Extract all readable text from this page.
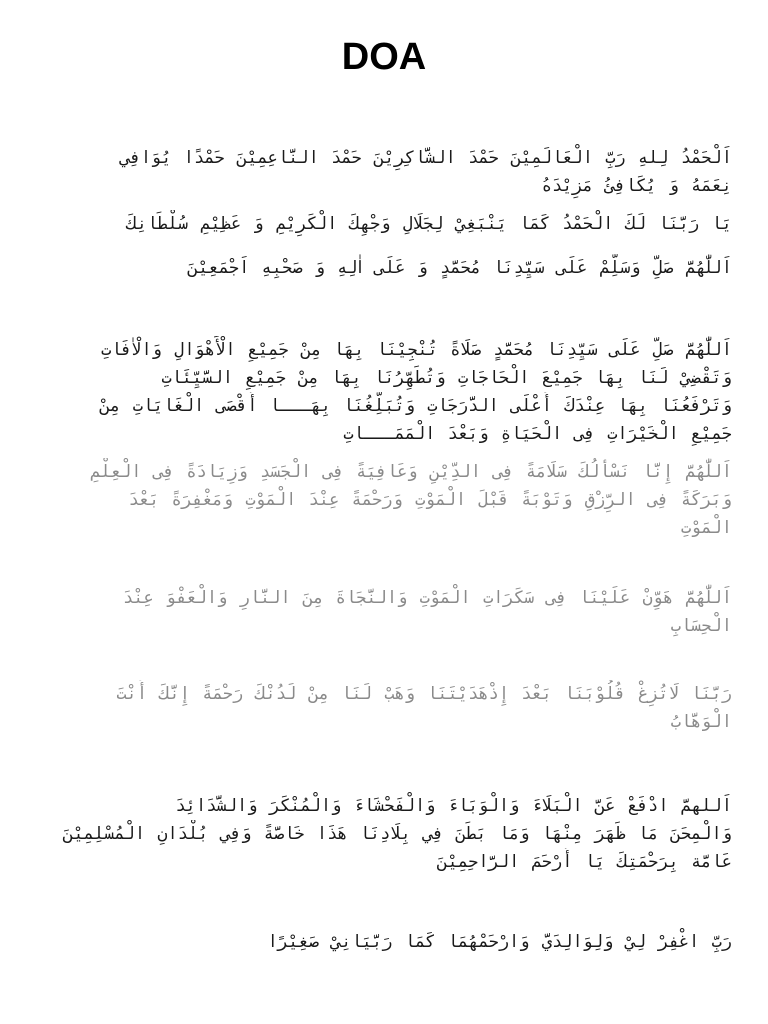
DOA

اَلْحَمْدُ لِلهِ رَبِّ الْعَالَمِيْنَ حَمْدَ الشَّاكِرِيْنَ حَمْدَ النَّاعِمِيْنَ حَمْدًا يُوَافِي
نِعَمَهُ وَ يُكَافِئُ مَزِيْدَهُ

يَا رَبَّنَا لَكَ الْحَمْدُ كَمَا يَنْبَغِيْ لِجَلَالِ وَجْهِكَ الْكَرِيْمِ وَ عَظِيْمِ سُلْطَانِكَ

اَللّٰهُمَّ صَلِّ وَسَلِّمْ عَلَى سَيِّدِنَا مُحَمَّدٍ وَ عَلَى اٰلِهِ وَ صَحْبِهِ اَجْمَعِيْنَ

اَللّٰهُمَّ صَلِّ عَلَى سَيِّدِنَا مُحَمَّدٍ صَلَاةً تُنْجِيْنَا بِهَا مِنْ جَمِيْعِ الْأَهْوَالِ وَالْاٰفَاتِ
وَتَقْضِيْ لَنَا بِهَا جَمِيْعَ الْحَاجَاتِ وَتُطَهِّرُنَا بِهَا مِنْ جَمِيْعِ السَّيِّئَاتِ
وَتَرْفَعُنَا بِهَا عِنْدَكَ أَعْلَى الدَّرَجَاتِ وَتُبَلِّغُنَا بِهَـــا أَقْصَى الْغَايَاتِ مِنْ
جَمِيْعِ الْخَيْرَاتِ فِى الْحَيَاةِ وَبَعْدَ الْمَمَـــاتِ

اَللّٰهُمَّ إِنَّا نَسْأَلُكَ سَلَامَةً فِى الدِّيْنِ وَعَافِيَةً فِى الْجَسَدِ وَزِيَادَةً فِى الْعِلْمِ
وَبَرَكَةً فِى الرِّزْقِ وَتَوْبَةً قَبْلَ الْمَوْتِ وَرَحْمَةً عِنْدَ الْمَوْتِ وَمَغْفِرَةً بَعْدَ
الْمَوْتِ

اَللّٰهُمَّ هَوِّنْ عَلَيْنَا فِى سَكَرَاتِ الْمَوْتِ وَالنَّجَاةَ مِنَ النَّارِ وَالْعَفْوَ عِنْدَ
الْحِسَابِ

رَبَّنَا لَاتُزِغْ قُلُوْبَنَا بَعْدَ إِذْهَدَيْتَنَا وَهَبْ لَنَا مِنْ لَدُنْكَ رَحْمَةً إِنَّكَ أَنْتَ
الْوَهَّابُ

اَللهمَّ ادْفَعْ عَنَّ الْبَلَاءَ وَالْوَبَاءَ وَالْفَحْشَاءَ وَالْمُنْكَرَ وَالشَّدَائِدَ
وَالْمِحَنَ مَا ظَهَرَ مِنْهَا وَمَا بَطَنَ فِي بِلَادِنَا هَذَا خَاصَّةً وَفِي بُلْدَانِ الْمُسْلِمِيْنَ
عَامَّة بِرَحْمَتِكَ يَا أَرْحَمَ الرَّاحِمِيْنَ

رَبِّ اغْفِرْ لِيْ وَلِوَالِدَيَّ وَارْحَمْهُمَا كَمَا رَبَّيَانِيْ صَغِيْرًا
